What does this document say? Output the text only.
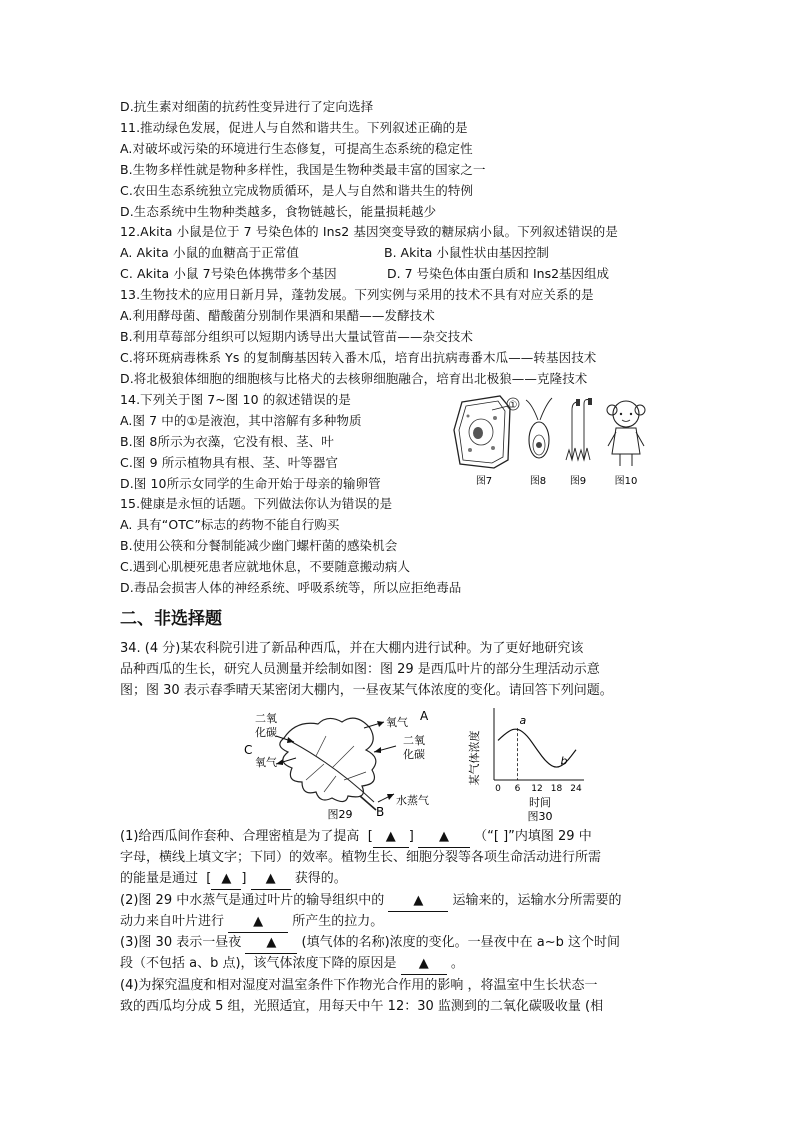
D.抗生素对细菌的抗药性变异进行了定向选择
11.推动绿色发展，促进人与自然和谐共生。下列叙述正确的是
A.对破坏或污染的环境进行生态修复，可提高生态系统的稳定性
B.生物多样性就是物种多样性，我国是生物种类最丰富的国家之一
C.农田生态系统独立完成物质循环，是人与自然和谐共生的特例
D.生态系统中生物种类越多，食物链越长，能量损耗越少
12.Akita 小鼠是位于 7 号染色体的 Ins2 基因突变导致的糖尿病小鼠。下列叙述错误的是
A. Akita 小鼠的血糖高于正常值	B. Akita 小鼠性状由基因控制
C. Akita 小鼠 7号染色体携带多个基因	D. 7 号染色体由蛋白质和 Ins2基因组成
13.生物技术的应用日新月异，蓬勃发展。下列实例与采用的技术不具有对应关系的是
A.利用酵母菌、醋酸菌分别制作果酒和果醋——发酵技术
B.利用草莓部分组织可以短期内诱导出大量试管苗——杂交技术
C.将环斑病毒株系 Ys 的复制酶基因转入番木瓜，培育出抗病毒番木瓜——转基因技术
D.将北极狼体细胞的细胞核与比格犬的去核卵细胞融合，培育出北极狼——克隆技术
14.下列关于图 7~图 10 的叙述错误的是
A.图 7 中的①是液泡，其中溶解有多种物质
B.图 8所示为衣藻，它没有根、茎、叶
C.图 9 所示植物具有根、茎、叶等器官
D.图 10所示女同学的生命开始于母亲的输卵管
15.健康是永恒的话题。下列做法你认为错误的是
A. 具有“OTC”标志的药物不能自行购买
B.使用公筷和分餐制能减少幽门螺杆菌的感染机会
C.遇到心肌梗死患者应就地休息，不要随意搬动病人
D.毒品会损害人体的神经系统、呼吸系统等，所以应拒绝毒品
①
图7	图8 图9	图10
二、非选择题
34. (4 分)某农科院引进了新品种西瓜，并在大棚内进行试种。为了更好地研究该
品种西瓜的生长，研究人员测量并绘制如图：图 29 是西瓜叶片的部分生理活动示意
图；图 30 表示春季晴天某密闭大棚内，一昼夜某气体浓度的变化。请回答下列问题。
二氧
化碳
氧气
C
氧气 A
二氧
化碳
B
水蒸气
图29
某气体浓度
0 6 12 18 24
a
b
时间
图30
(1)给西瓜间作套种、合理密植是为了提高  [ ▲ ] ▲ （“[ ]”内填图 29 中
字母，横线上填文字；下同）的效率。植物生长、细胞分裂等各项生命活动进行所需
的能量是通过  [ ▲ ] ▲ 获得的。
(2)图 29 中水蒸气是通过叶片的输导组织中的 ▲ 运输来的，运输水分所需要的
动力来自叶片进行 ▲ 所产生的拉力。
(3)图 30 表示一昼夜 ▲ (填气体的名称)浓度的变化。一昼夜中在 a~b 这个时间
段（不包括 a、b 点)，该气体浓度下降的原因是 ▲ 。
(4)为探究温度和相对湿度对温室条件下作物光合作用的影响 ，将温室中生长状态一
致的西瓜均分成 5 组，光照适宜，用每天中午 12：30 监测到的二氧化碳吸收量 (相
